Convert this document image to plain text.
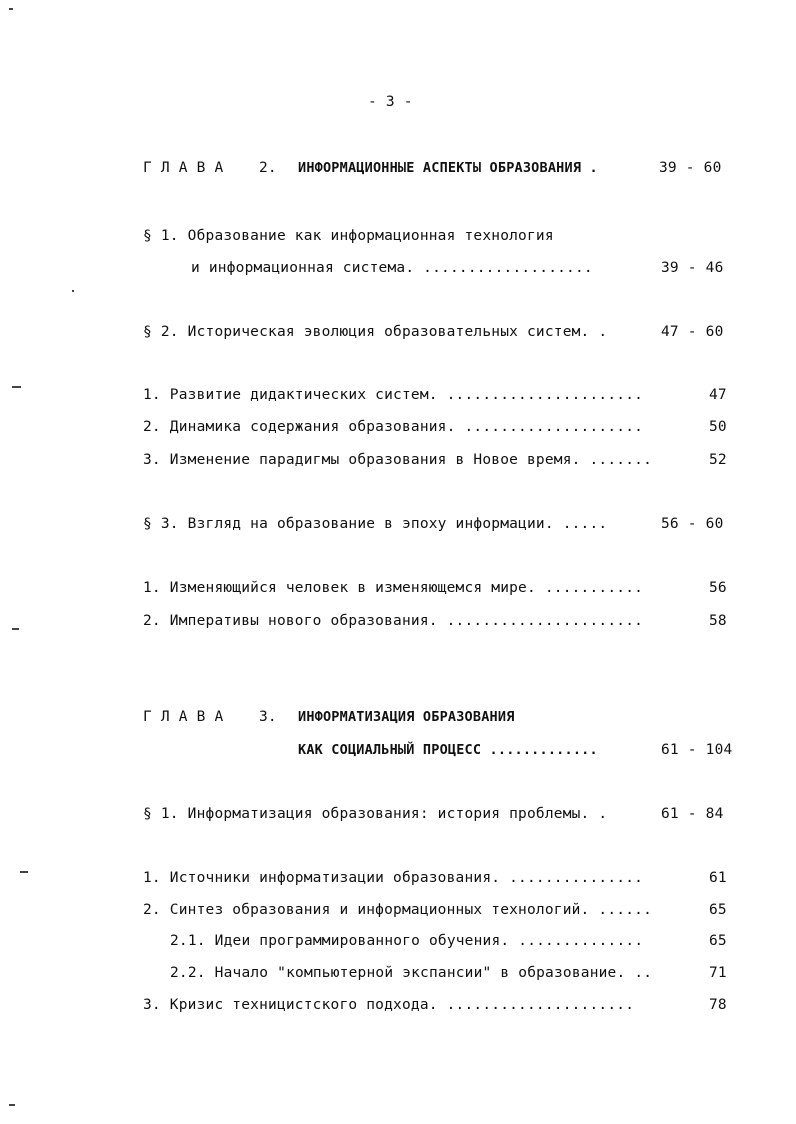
- 3 -
Г Л А В А 2. ИНФОРМАЦИОННЫЕ АСПЕКТЫ ОБРАЗОВАНИЯ .	39 - 60
§ 1. Образование как информационная технология
и информационная система. ...................	39 - 46
§ 2. Историческая эволюция образовательных систем. .	47 - 60
1. Развитие дидактических систем. ......................	47
2. Динамика содержания образования. ....................	50
3. Изменение парадигмы образования в Новое время. .......	52
§ 3. Взгляд на образование в эпоху информации. .....	56 - 60
1. Изменяющийся человек в изменяющемся мире. ...........	56
2. Императивы нового образования. ......................	58
Г Л А В А 3. ИНФОРМАТИЗАЦИЯ ОБРАЗОВАНИЯ
КАК СОЦИАЛЬНЫЙ ПРОЦЕСС .............	61 - 104
§ 1. Информатизация образования: история проблемы. .	61 - 84
1. Источники информатизации образования. ...............	61
2. Синтез образования и информационных технологий. ......	65
2.1. Идеи программированного обучения. ..............	65
2.2. Начало "компьютерной экспансии" в образование. ..	71
3. Кризис техницистского подхода. .....................	78
